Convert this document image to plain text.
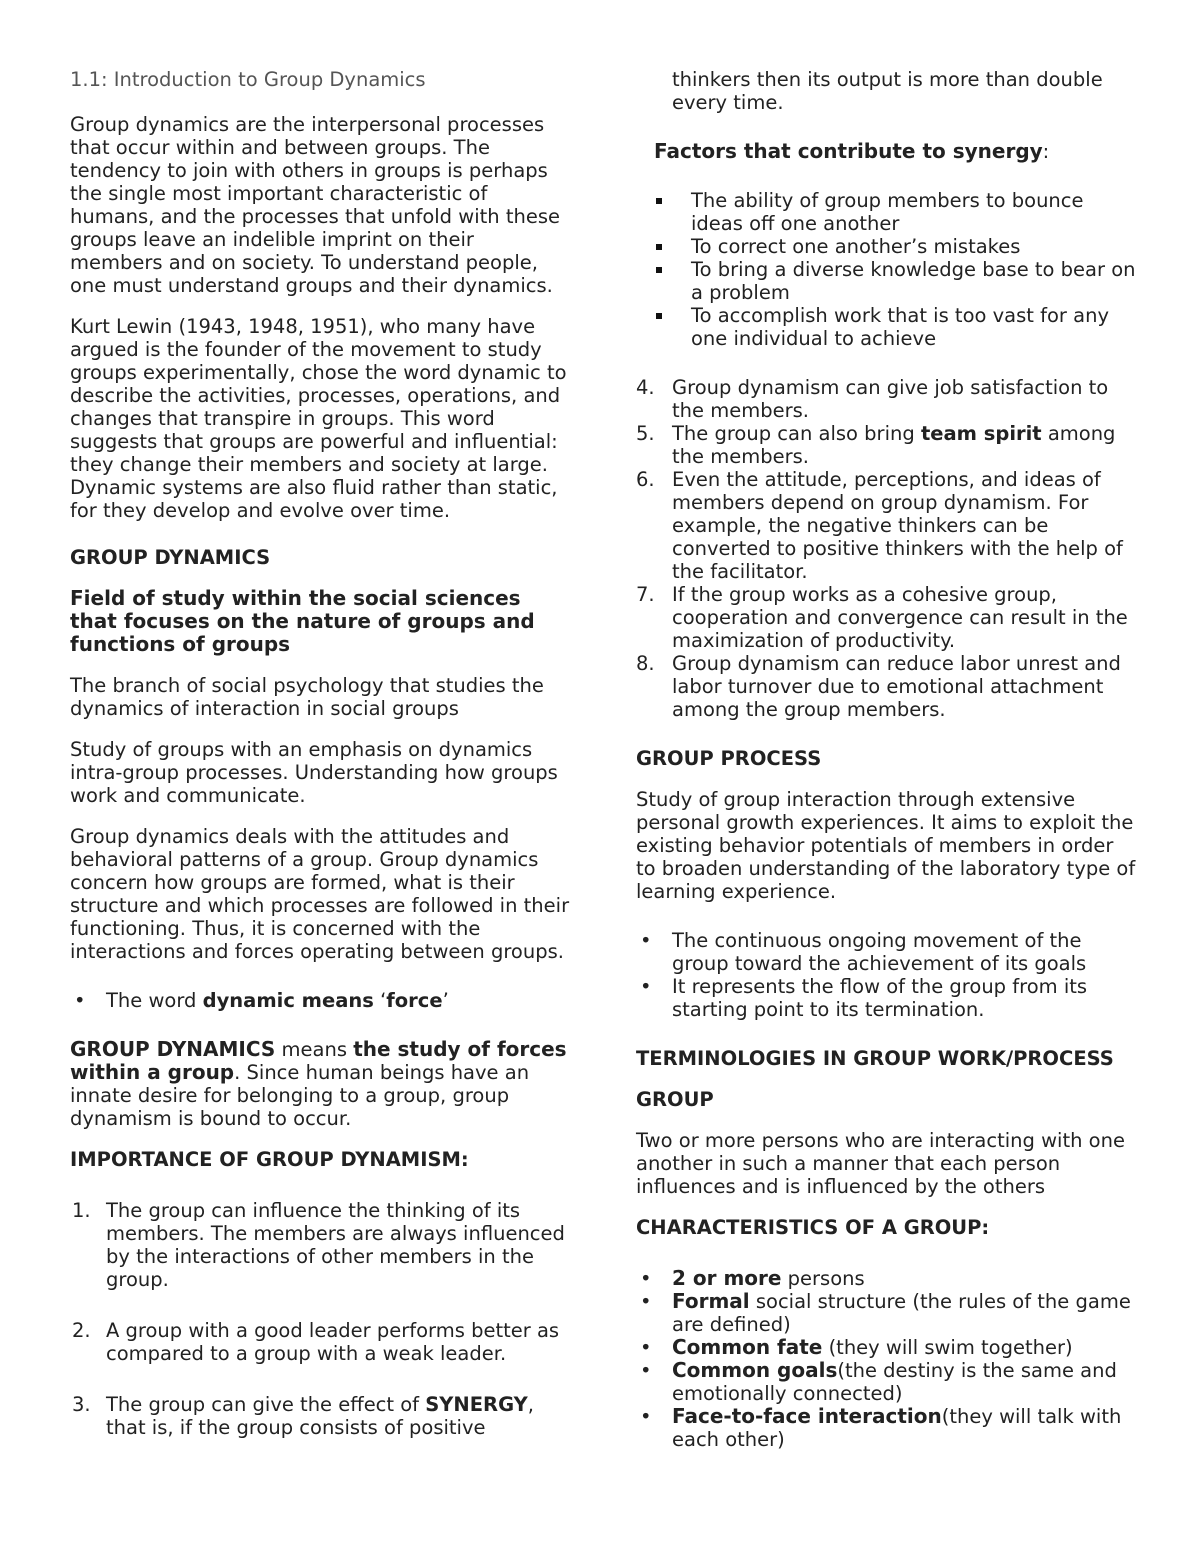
1.1: Introduction to Group Dynamics

Group dynamics are the interpersonal processes that occur within and between groups. The tendency to join with others in groups is perhaps the single most important characteristic of humans, and the processes that unfold with these groups leave an indelible imprint on their members and on society. To understand people, one must understand groups and their dynamics.

Kurt Lewin (1943, 1948, 1951), who many have argued is the founder of the movement to study groups experimentally, chose the word dynamic to describe the activities, processes, operations, and changes that transpire in groups. This word suggests that groups are powerful and influential: they change their members and society at large. Dynamic systems are also fluid rather than static, for they develop and evolve over time.

GROUP DYNAMICS

Field of study within the social sciences that focuses on the nature of groups and functions of groups

The branch of social psychology that studies the dynamics of interaction in social groups

Study of groups with an emphasis on dynamics intra-group processes. Understanding how groups work and communicate.

Group dynamics deals with the attitudes and behavioral patterns of a group. Group dynamics concern how groups are formed, what is their structure and which processes are followed in their functioning. Thus, it is concerned with the interactions and forces operating between groups.

• The word dynamic means ‘force’

GROUP DYNAMICS means the study of forces within a group. Since human beings have an innate desire for belonging to a group, group dynamism is bound to occur.

IMPORTANCE OF GROUP DYNAMISM:

1. The group can influence the thinking of its members. The members are always influenced by the interactions of other members in the group.
2. A group with a good leader performs better as compared to a group with a weak leader.
3. The group can give the effect of SYNERGY, that is, if the group consists of positive

thinkers then its output is more than double every time.

Factors that contribute to synergy:

The ability of group members to bounce ideas off one another
To correct one another’s mistakes
To bring a diverse knowledge base to bear on a problem
To accomplish work that is too vast for any one individual to achieve
4. Group dynamism can give job satisfaction to the members.
5. The group can also bring team spirit among the members.
6. Even the attitude, perceptions, and ideas of members depend on group dynamism. For example, the negative thinkers can be converted to positive thinkers with the help of the facilitator.
7. If the group works as a cohesive group, cooperation and convergence can result in the maximization of productivity.
8. Group dynamism can reduce labor unrest and labor turnover due to emotional attachment among the group members.

GROUP PROCESS

Study of group interaction through extensive personal growth experiences. It aims to exploit the existing behavior potentials of members in order to broaden understanding of the laboratory type of learning experience.

• The continuous ongoing movement of the group toward the achievement of its goals
• It represents the flow of the group from its starting point to its termination.

TERMINOLOGIES IN GROUP WORK/PROCESS

GROUP

Two or more persons who are interacting with one another in such a manner that each person influences and is influenced by the others

CHARACTERISTICS OF A GROUP:

• 2 or more persons
• Formal social structure (the rules of the game are defined)
• Common fate (they will swim together)
• Common goals(the destiny is the same and emotionally connected)
• Face-to-face interaction(they will talk with each other)
